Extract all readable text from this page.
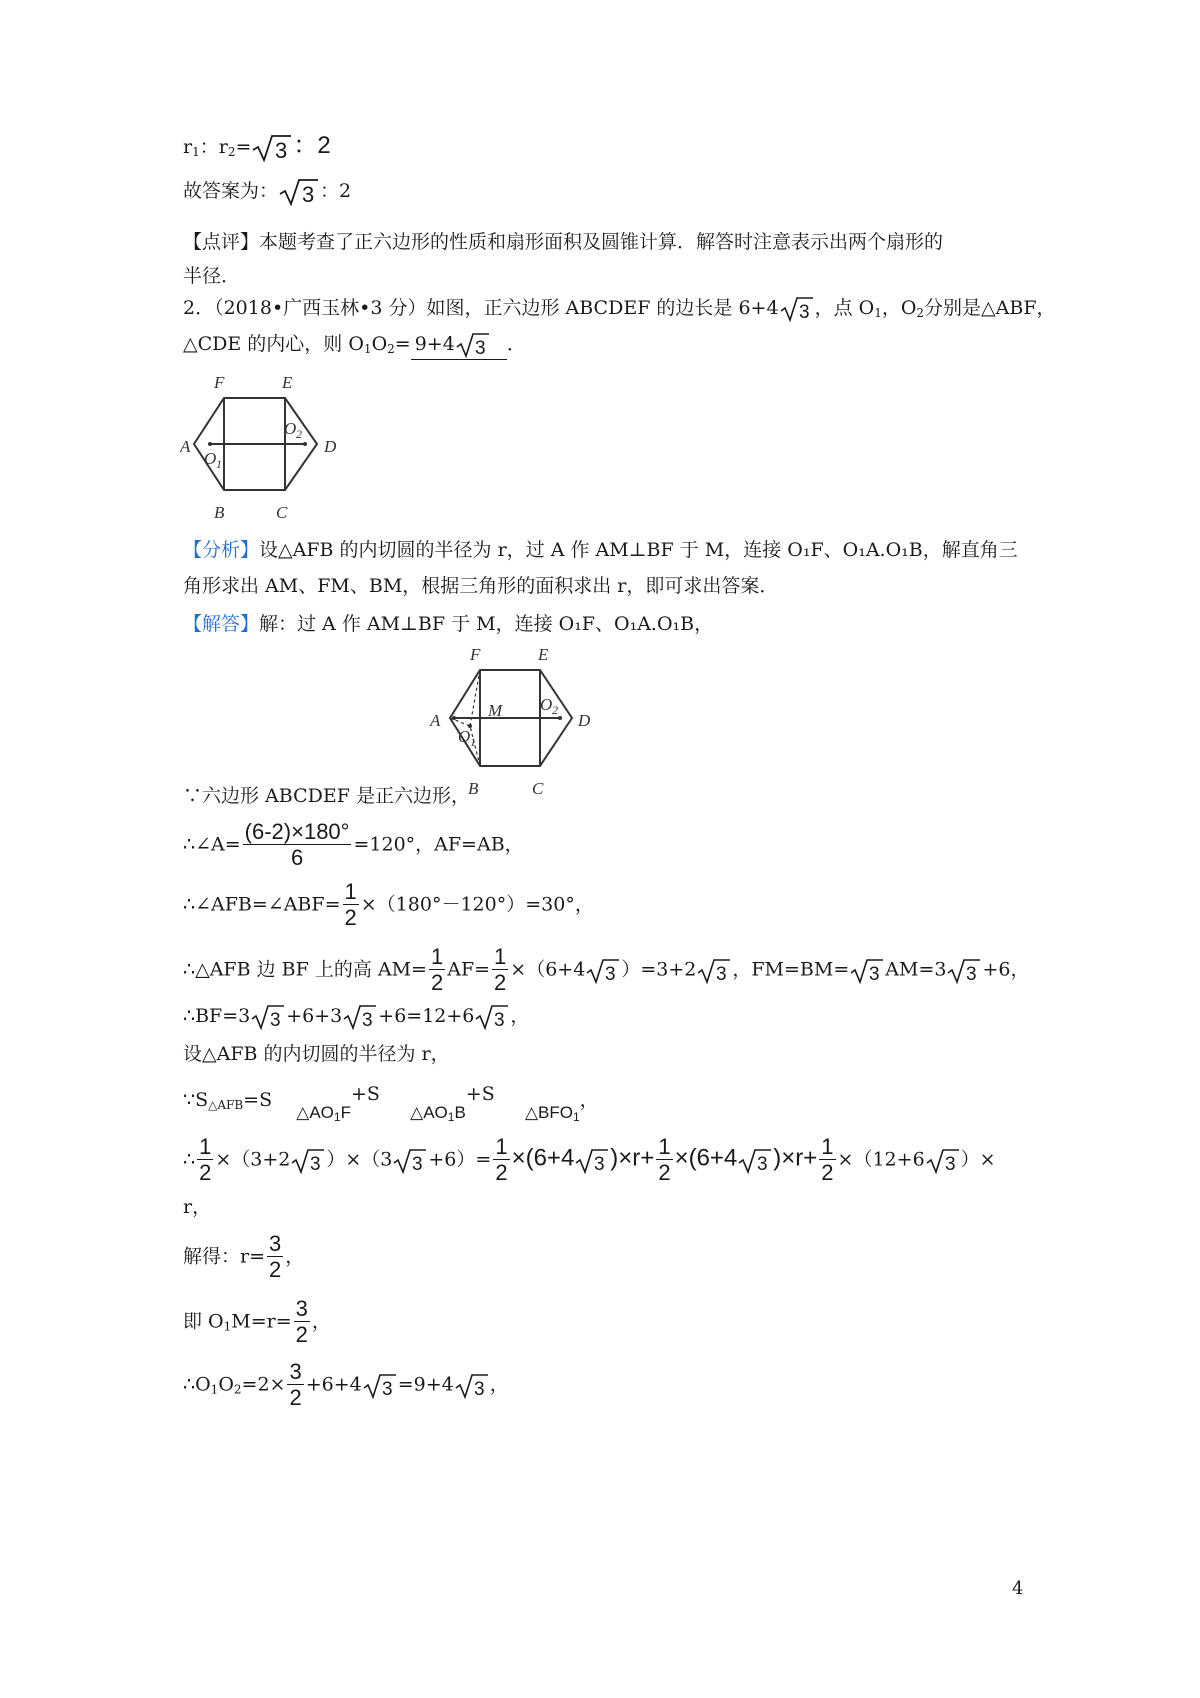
$r_1$：$r_2= 3$ ：2
故答案为： 3 ：2
【点评】本题考查了正六边形的性质和扇形面积及圆锥计算．解答时注意表示出两个扇形的
半径．
2．（2018•广西玉林•3 分）如图，正六边形 ABCDEF 的边长是 6+4 3 ，点 $O_1$，$O_2$分别是△ABF，
△CDE 的内心，则 $O_1O_2= 9+4$ 3 ．
F	E
A	D
B	C
O 2
O 1
【分析】设△AFB 的内切圆的半径为 r，过 A 作 AM⊥BF 于 M，连接 O₁F、O₁A.O₁B，解直角三
角形求出 AM、FM、BM，根据三角形的面积求出 r，即可求出答案．
【解答】解：过 A 作 AM⊥BF 于 M，连接 O₁F、O₁A.O₁B，
F	E
A	D
B	C
M O 2
O 1
∵六边形 ABCDEF 是正六边形，
∴∠A= $\frac{(6-2)\times 180^\circ}{6} =120^\circ$，AF=AB，
∴∠AFB=∠ABF= $\frac{1}{2} \times(180^\circ-120^\circ)=30^\circ$，
∴△AFB 边 BF 上的高 $AM= \frac{1}{2} AF= \frac{1}{2} \times(6+4$ 3 ）=3+2 3 ，FM=BM= 3 AM=3 3 +6，
∴BF=3 3 +6+3 3 +6=12+6 3 ，
设△AFB 的内切圆的半径为 r，
$\because S_{\triangle AFB}=S$    $\triangle AO_1F+S$     $\triangle AO_1B+S$     $\triangle BFO_1$，
∴ $\frac{1}{2} \times(3+2$ 3 ）×（3 $3 +6)= \frac{1}{2} \times(6+4$ 3 )$\times r+ \frac{1}{2} \times(6+4$ 3 )$\times r+ \frac{1}{2} \times(12+6$ 3 ）×
r，
解得：$r= \frac{3}{2}$ ，
即 $O_1M=r= \frac{3}{2}$ ，
$\therefore O_1O_2=2\times \frac{3}{2} +6+4$ 3 =9+4 3 ，
4
